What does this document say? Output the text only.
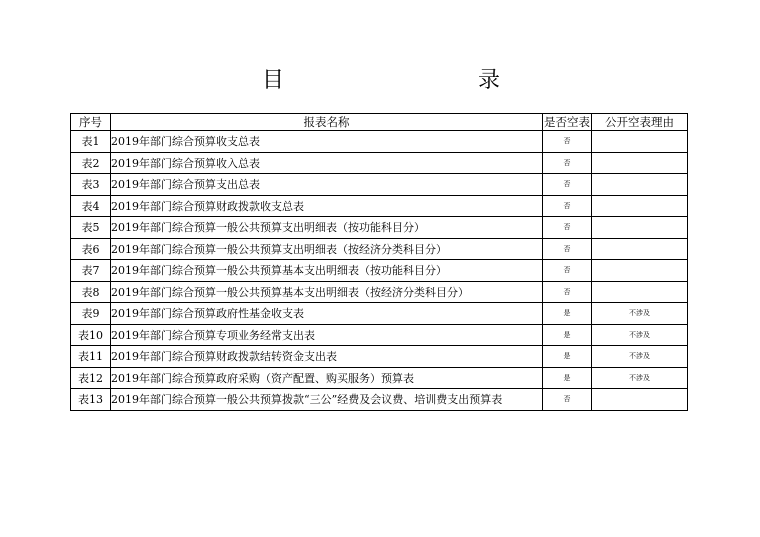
目	录
序号	报表名称	是否空表	公开空表理由
表1	2019年部门综合预算收支总表	否	
表2	2019年部门综合预算收入总表	否	
表3	2019年部门综合预算支出总表	否	
表4	2019年部门综合预算财政拨款收支总表	否	
表5	2019年部门综合预算一般公共预算支出明细表（按功能科目分）	否	
表6	2019年部门综合预算一般公共预算支出明细表（按经济分类科目分）	否	
表7	2019年部门综合预算一般公共预算基本支出明细表（按功能科目分）	否	
表8	2019年部门综合预算一般公共预算基本支出明细表（按经济分类科目分）	否	
表9	2019年部门综合预算政府性基金收支表	是	不涉及
表10	2019年部门综合预算专项业务经常支出表	是	不涉及
表11	2019年部门综合预算财政拨款结转资金支出表	是	不涉及
表12	2019年部门综合预算政府采购（资产配置、购买服务）预算表	是	不涉及
表13	2019年部门综合预算一般公共预算拨款“三公”经费及会议费、培训费支出预算表	否	
